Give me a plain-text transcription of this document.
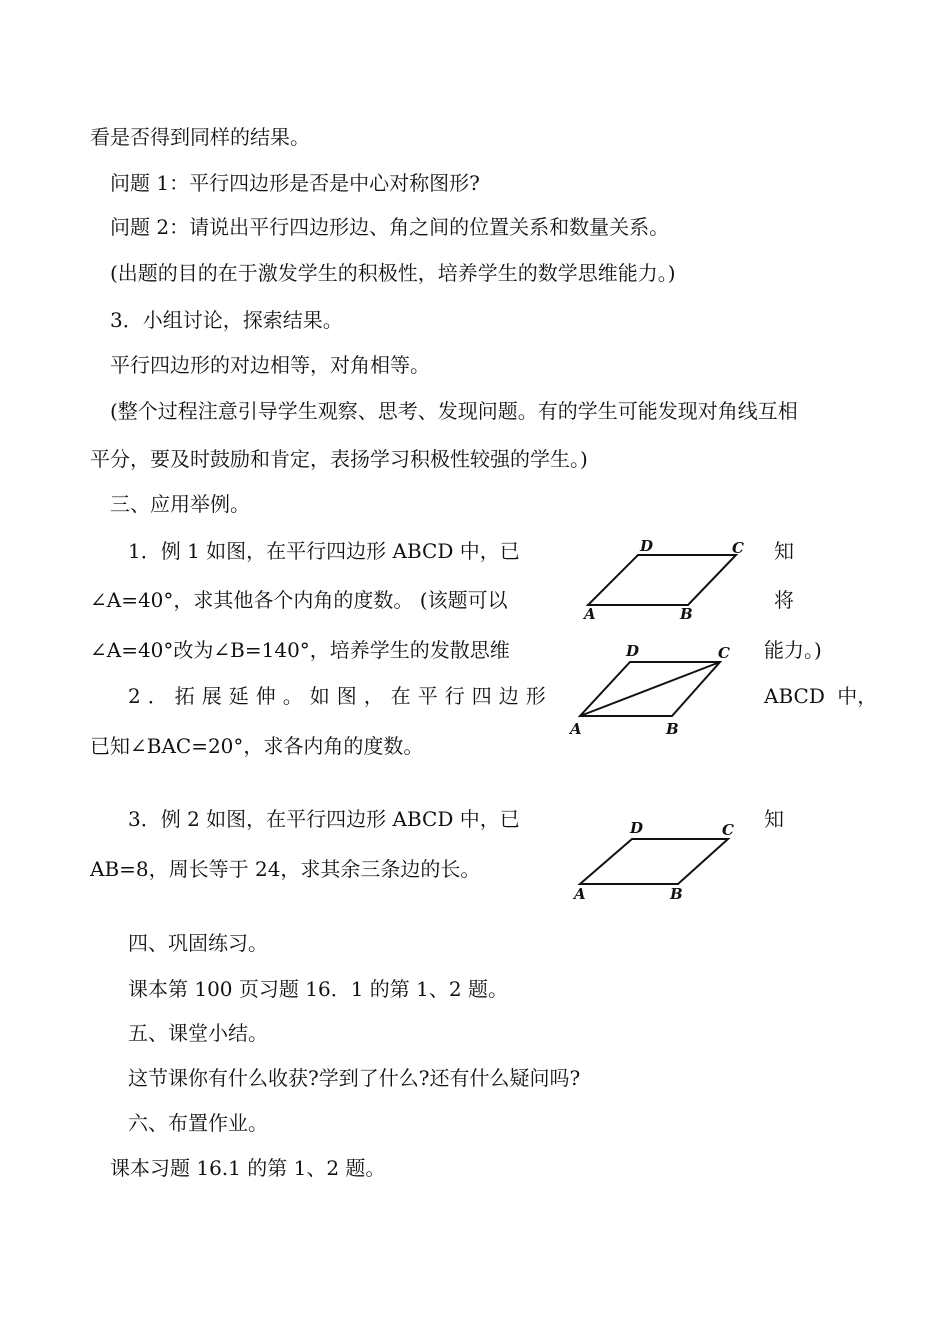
看是否得到同样的结果。
问题 1：平行四边形是否是中心对称图形?
问题 2：请说出平行四边形边、角之间的位置关系和数量关系。
(出题的目的在于激发学生的积极性，培养学生的数学思维能力。)
3．小组讨论，探索结果。
平行四边形的对边相等，对角相等。
(整个过程注意引导学生观察、思考、发现问题。有的学生可能发现对角线互相
平分，要及时鼓励和肯定，表扬学习积极性较强的学生。)
三、应用举例。
1．例 1 如图，在平行四边形 ABCD 中，已	知
∠A=40°，求其他各个内角的度数。 (该题可以	将
∠A=40°改为∠B=140°，培养学生的发散思维	能力。)
D	C
A	B
2．拓展延伸。如图，在平行四边形	ABCD 中，
已知∠BAC=20°，求各内角的度数。
D	C
A	B
3．例 2 如图，在平行四边形 ABCD 中，已	知
AB=8，周长等于 24，求其余三条边的长。
D	C
A	B
四、巩固练习。
课本第 100 页习题 16．1 的第 1、2 题。
五、课堂小结。
这节课你有什么收获?学到了什么?还有什么疑问吗?
六、布置作业。
课本习题 16.1 的第 1、2 题。
